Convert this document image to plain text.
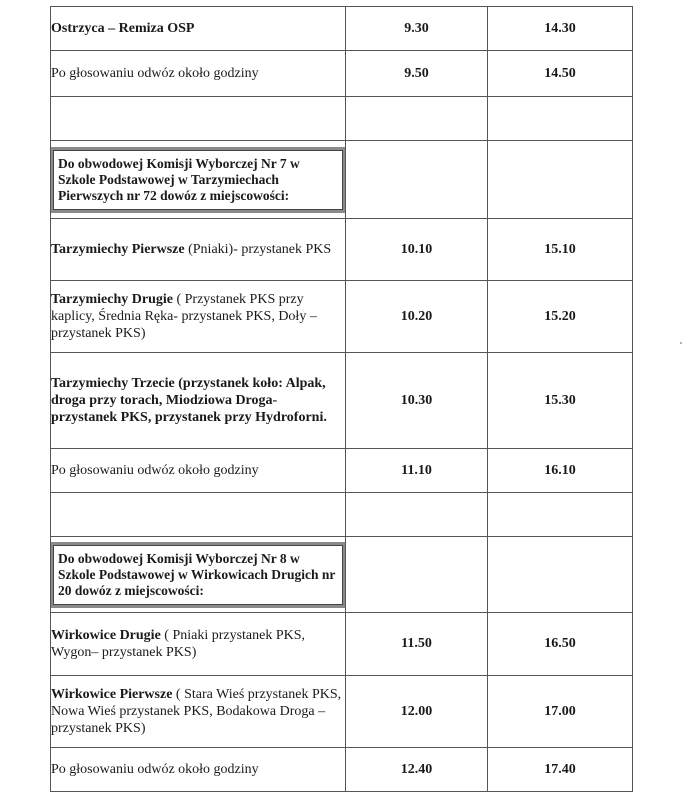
Ostrzyca – Remiza OSP	9.30	14.30
Po głosowaniu odwóz około godziny	9.50	14.50

Do obwodowej Komisji Wyborczej Nr 7 w Szkole Podstawowej w Tarzymiechach Pierwszych nr 72 dowóz z miejscowości:		

Tarzymiechy Pierwsze (Pniaki)- przystanek PKS	10.10	15.10
Tarzymiechy Drugie ( Przystanek PKS przy kaplicy, Średnia Ręka- przystanek PKS, Doły – przystanek PKS)	10.20	15.20
Tarzymiechy Trzecie (przystanek koło: Alpak, droga przy torach, Miodziowa Droga- przystanek PKS, przystanek przy Hydroforni.	10.30	15.30
Po głosowaniu odwóz około godziny	11.10	16.10

Do obwodowej Komisji Wyborczej Nr 8 w Szkole Podstawowej w Wirkowicach Drugich nr 20 dowóz z miejscowości:		

Wirkowice Drugie ( Pniaki przystanek PKS, Wygon– przystanek PKS)	11.50	16.50
Wirkowice Pierwsze ( Stara Wieś przystanek PKS, Nowa Wieś przystanek PKS, Bodakowa Droga – przystanek PKS)	12.00	17.00
Po głosowaniu odwóz około godziny	12.40	17.40
